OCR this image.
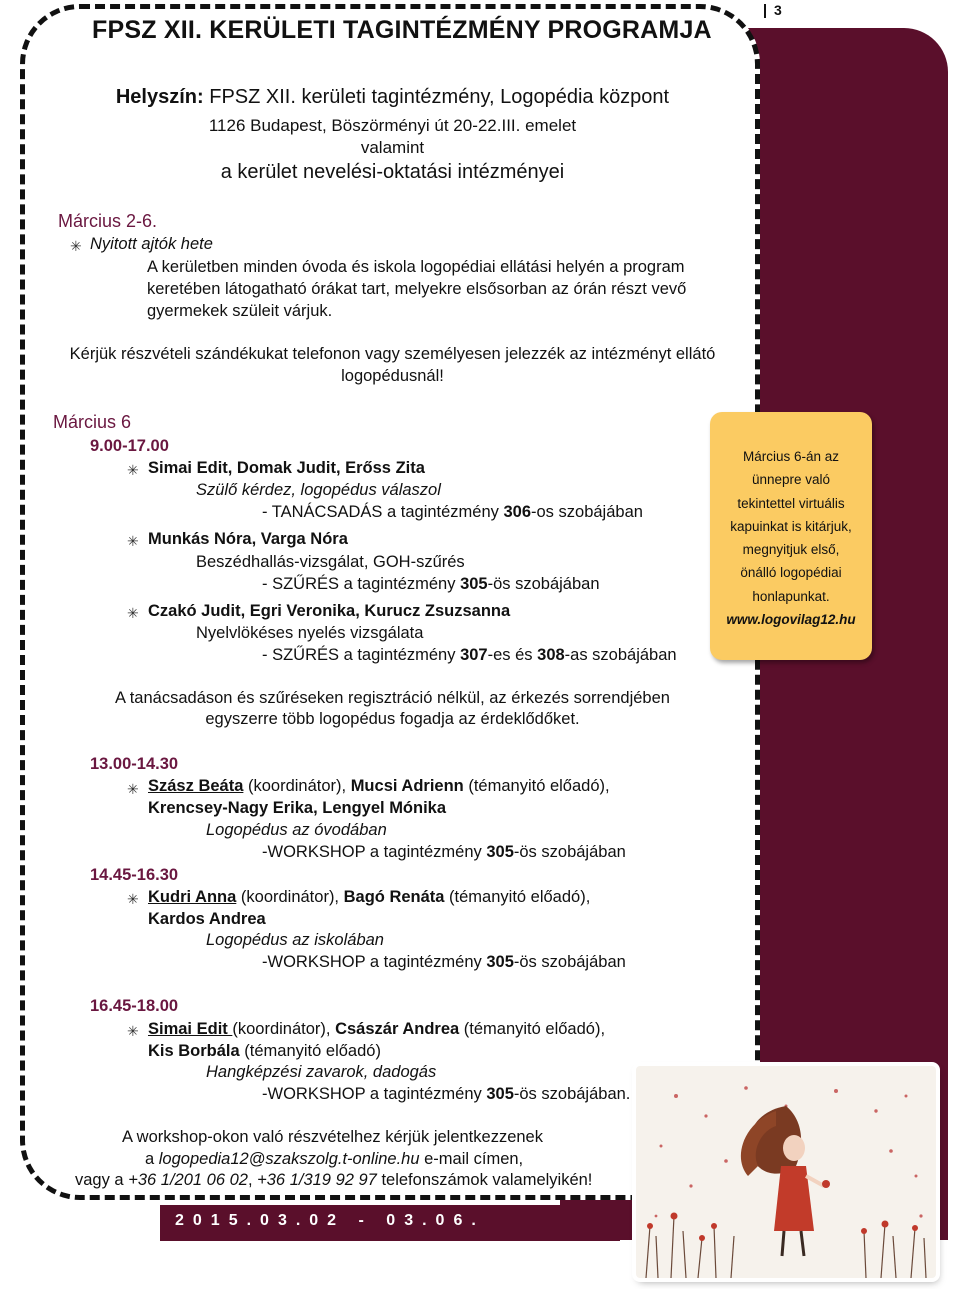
2015.03.02 - 03.06.
3
FPSZ XII. KERÜLETI TAGINTÉZMÉNY PROGRAMJA
Helyszín: FPSZ XII. kerületi tagintézmény, Logopédia központ
1126 Budapest, Böszörményi út 20-22.III. emelet
valamint
a kerület nevelési-oktatási intézményei
Március 2-6.
✳ Nyitott ajtók hete
A kerületben minden óvoda és iskola logopédiai ellátási helyén a program
keretében látogatható órákat tart, melyekre elsősorban az órán részt vevő
gyermekek szüleit várjuk.
Kérjük részvételi szándékukat telefonon vagy személyesen jelezzék az intézményt ellátó
logopédusnál!
Március 6
9.00-17.00
✳ Simai Edit, Domak Judit, Erőss Zita
Szülő kérdez, logopédus válaszol
- TANÁCSADÁS a tagintézmény 306-os szobájában
✳ Munkás Nóra, Varga Nóra
Beszédhallás-vizsgálat, GOH-szűrés
- SZŰRÉS a tagintézmény 305-ös szobájában
✳ Czakó Judit, Egri Veronika, Kurucz Zsuzsanna
Nyelvlökéses nyelés vizsgálata
- SZŰRÉS a tagintézmény 307-es és 308-as szobájában
A tanácsadáson és szűréseken regisztráció nélkül, az érkezés sorrendjében
egyszerre több logopédus fogadja az érdeklődőket.
13.00-14.30
✳ Szász Beáta (koordinátor), Mucsi Adrienn (témanyitó előadó),
Krencsey-Nagy Erika, Lengyel Mónika
Logopédus az óvodában
-WORKSHOP a tagintézmény 305-ös szobájában
14.45-16.30
✳ Kudri Anna (koordinátor), Bagó Renáta (témanyitó előadó),
Kardos Andrea
Logopédus az iskolában
-WORKSHOP a tagintézmény 305-ös szobájában
16.45-18.00
✳ Simai Edit (koordinátor), Császár Andrea (témanyitó előadó),
Kis Borbála (témanyitó előadó)
Hangképzési zavarok, dadogás
-WORKSHOP a tagintézmény 305-ös szobájában.
A workshop-okon való részvételhez kérjük jelentkezzenek
a logopedia12@szakszolg.t-online.hu e-mail címen,
vagy a +36 1/201 06 02, +36 1/319 92 97 telefonszámok valamelyikén!
Március 6-án az
ünnepre való
tekintettel virtuális
kapuinkat is kitárjuk,
megnyitjuk első,
önálló logopédiai
honlapunkat.
www.logovilag12.hu
